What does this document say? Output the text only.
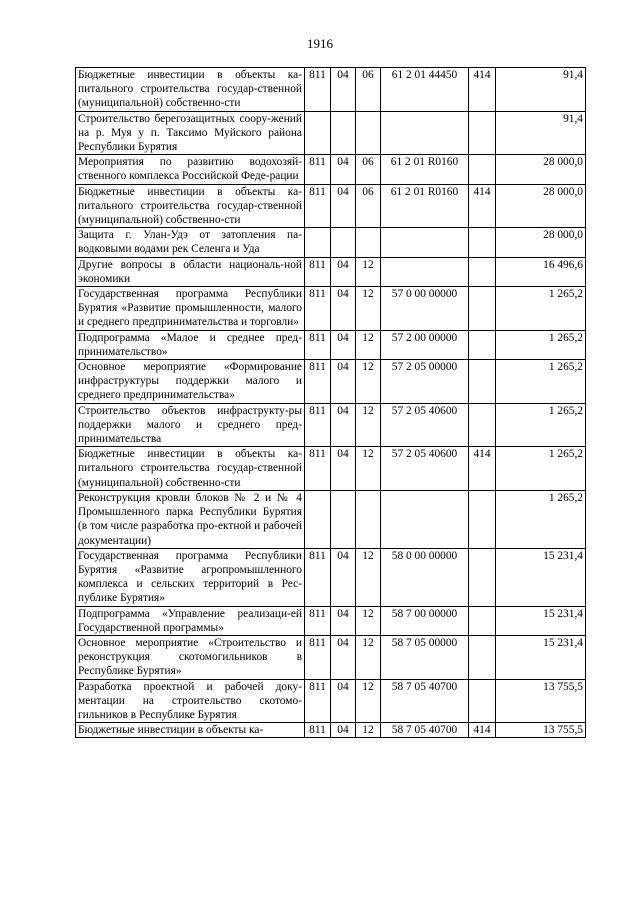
1916
Бюджетные инвестиции в объекты ка-питального строительства государ-ственной (муниципальной) собственно-сти	811	04	06	61 2 01 44450	414	91,4
Строительство берегозащитных соору-жений на р. Муя у п. Таксимо Муйского района Республики Бурятия						91,4
Мероприятия по развитию водохозяй-ственного комплекса Российской Феде-рации	811	04	06	61 2 01 R0160		28 000,0
Бюджетные инвестиции в объекты ка-питального строительства государ-ственной (муниципальной) собственно-сти	811	04	06	61 2 01 R0160	414	28 000,0
Защита г. Улан-Удэ от затопления па-водковыми водами рек Селенга и Уда						28 000,0
Другие вопросы в области националь-ной экономики	811	04	12			16 496,6
Государственная программа Республики Бурятия «Развитие промышленности, малого и среднего предпринимательства и торговли»	811	04	12	57 0 00 00000		1 265,2
Подпрограмма «Малое и среднее пред-принимательство»	811	04	12	57 2 00 00000		1 265,2
Основное мероприятие «Формирование инфраструктуры поддержки малого и среднего предпринимательства»	811	04	12	57 2 05 00000		1 265,2
Строительство объектов инфраструкту-ры поддержки малого и среднего пред-принимательства	811	04	12	57 2 05 40600		1 265,2
Бюджетные инвестиции в объекты ка-питального строительства государ-ственной (муниципальной) собственно-сти	811	04	12	57 2 05 40600	414	1 265,2
Реконструкция кровли блоков № 2 и № 4 Промышленного парка Республики Бурятия (в том числе разработка про-ектной и рабочей документации)						1 265,2
Государственная программа Республики Бурятия «Развитие агропромышленного комплекса и сельских территорий в Рес-публике Бурятия»	811	04	12	58 0 00 00000		15 231,4
Подпрограмма «Управление реализаци-ей Государственной программы»	811	04	12	58 7 00 00000		15 231,4
Основное мероприятие «Строительство и реконструкция скотомогильников в Республике Бурятия»	811	04	12	58 7 05 00000		15 231,4
Разработка проектной и рабочей доку-ментации на строительство скотомо-гильников в Республике Бурятия	811	04	12	58 7 05 40700		13 755,5
Бюджетные инвестиции в объекты ка-	811	04	12	58 7 05 40700	414	13 755,5
